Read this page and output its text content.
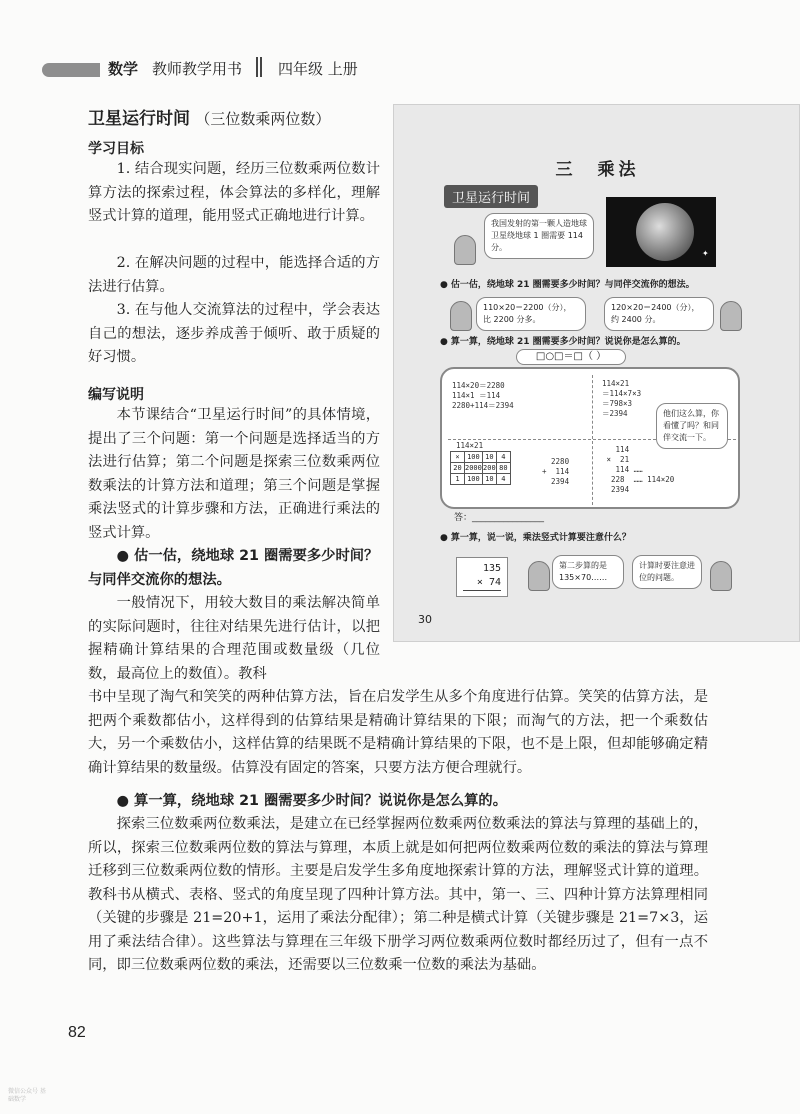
数学 教师教学用书 四年级 上册
卫星运行时间 （三位数乘两位数）
学习目标
1. 结合现实问题，经历三位数乘两位数计算方法的探索过程，体会算法的多样化，理解竖式计算的道理，能用竖式正确地进行计算。
2. 在解决问题的过程中，能选择合适的方法进行估算。
3. 在与他人交流算法的过程中，学会表达自己的想法，逐步养成善于倾听、敢于质疑的好习惯。
编写说明
本节课结合“卫星运行时间”的具体情境，提出了三个问题：第一个问题是选择适当的方法进行估算；第二个问题是探索三位数乘两位数乘法的计算方法和道理；第三个问题是掌握乘法竖式的计算步骤和方法，正确进行乘法的竖式计算。
● 估一估，绕地球 21 圈需要多少时间？与同伴交流你的想法。
一般情况下，用较大数目的乘法解决简单的实际问题时，往往对结果先进行估计，以把握精确计算结果的合理范围或数量级（几位数，最高位上的数值）。教科
书中呈现了淘气和笑笑的两种估算方法，旨在启发学生从多个角度进行估算。笑笑的估算方法，是把两个乘数都估小，这样得到的估算结果是精确计算结果的下限；而淘气的方法，把一个乘数估大，另一个乘数估小，这样估算的结果既不是精确计算结果的下限，也不是上限，但却能够确定精确计算结果的数量级。估算没有固定的答案，只要方法方便合理就行。
● 算一算，绕地球 21 圈需要多少时间？说说你是怎么算的。
探索三位数乘两位数乘法，是建立在已经掌握两位数乘两位数乘法的算法与算理的基础上的，所以，探索三位数乘两位数的算法与算理，本质上就是如何把两位数乘两位数的乘法的算法与算理迁移到三位数乘两位数的情形。主要是启发学生多角度地探索计算的方法，理解竖式计算的道理。教科书从横式、表格、竖式的角度呈现了四种计算方法。其中，第一、三、四种计算方法算理相同（关键的步骤是 21=20+1，运用了乘法分配律）；第二种是横式计算（关键步骤是 21=7×3，运用了乘法结合律）。这些算法与算理在三年级下册学习两位数乘两位数时都经历过了，但有一点不同，即三位数乘两位数的乘法，还需要以三位数乘一位数的乘法为基础。
82
微信公众号 基础数学
三　乘法
卫星运行时间
我国发射的第一颗人造地球卫星绕地球 1 圈需要 114 分。
✦
● 估一估，绕地球 21 圈需要多少时间？与同伴交流你的想法。
110×20＝2200（分），比 2200 分多。
120×20＝2400（分），约 2400 分。
● 算一算，绕地球 21 圈需要多少时间？说说你是怎么算的。
□○□＝□（ ）
114×20＝2280
114×1 ＝114
2280+114＝2394
114×21
＝114×7×3
＝798×3
＝2394
114×21
×	100	10	4
20	2000	200	80
1	100	10	4
2280
+  114
2394
114
×  21
114 ……
228  …… 114×20
2394
他们这么算，你看懂了吗？和同伴交流一下。
答：________________
● 算一算，说一说，乘法竖式计算要注意什么？
135
× 74
第二步算的是 135×70……
计算时要注意进位的问题。
30
